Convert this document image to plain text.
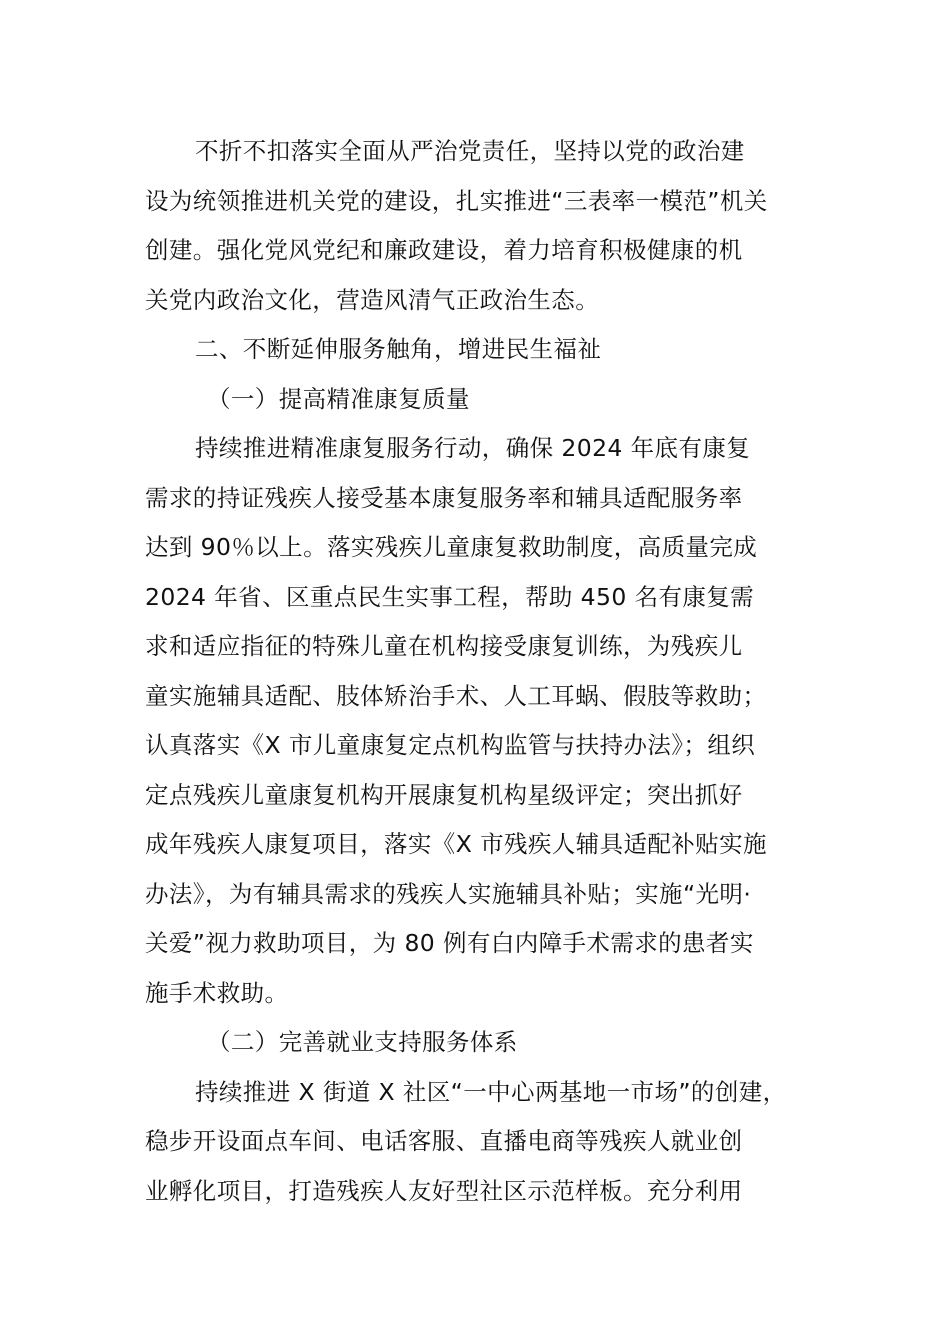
不折不扣落实全面从严治党责任，坚持以党的政治建
设为统领推进机关党的建设，扎实推进“三表率一模范”机关
创建。强化党风党纪和廉政建设，着力培育积极健康的机
关党内政治文化，营造风清气正政治生态。
二、不断延伸服务触角，增进民生福祉
（一）提高精准康复质量
持续推进精准康复服务行动，确保 2024 年底有康复
需求的持证残疾人接受基本康复服务率和辅具适配服务率
达到 90％以上。落实残疾儿童康复救助制度，高质量完成
2024 年省、区重点民生实事工程，帮助 450 名有康复需
求和适应指征的特殊儿童在机构接受康复训练，为残疾儿
童实施辅具适配、肢体矫治手术、人工耳蜗、假肢等救助；
认真落实《X 市儿童康复定点机构监管与扶持办法》；组织
定点残疾儿童康复机构开展康复机构星级评定；突出抓好
成年残疾人康复项目，落实《X 市残疾人辅具适配补贴实施
办法》，为有辅具需求的残疾人实施辅具补贴；实施“光明·
关爱”视力救助项目，为 80 例有白内障手术需求的患者实
施手术救助。
（二）完善就业支持服务体系
持续推进 X 街道 X 社区“一中心两基地一市场”的创建，
稳步开设面点车间、电话客服、直播电商等残疾人就业创
业孵化项目，打造残疾人友好型社区示范样板。充分利用
